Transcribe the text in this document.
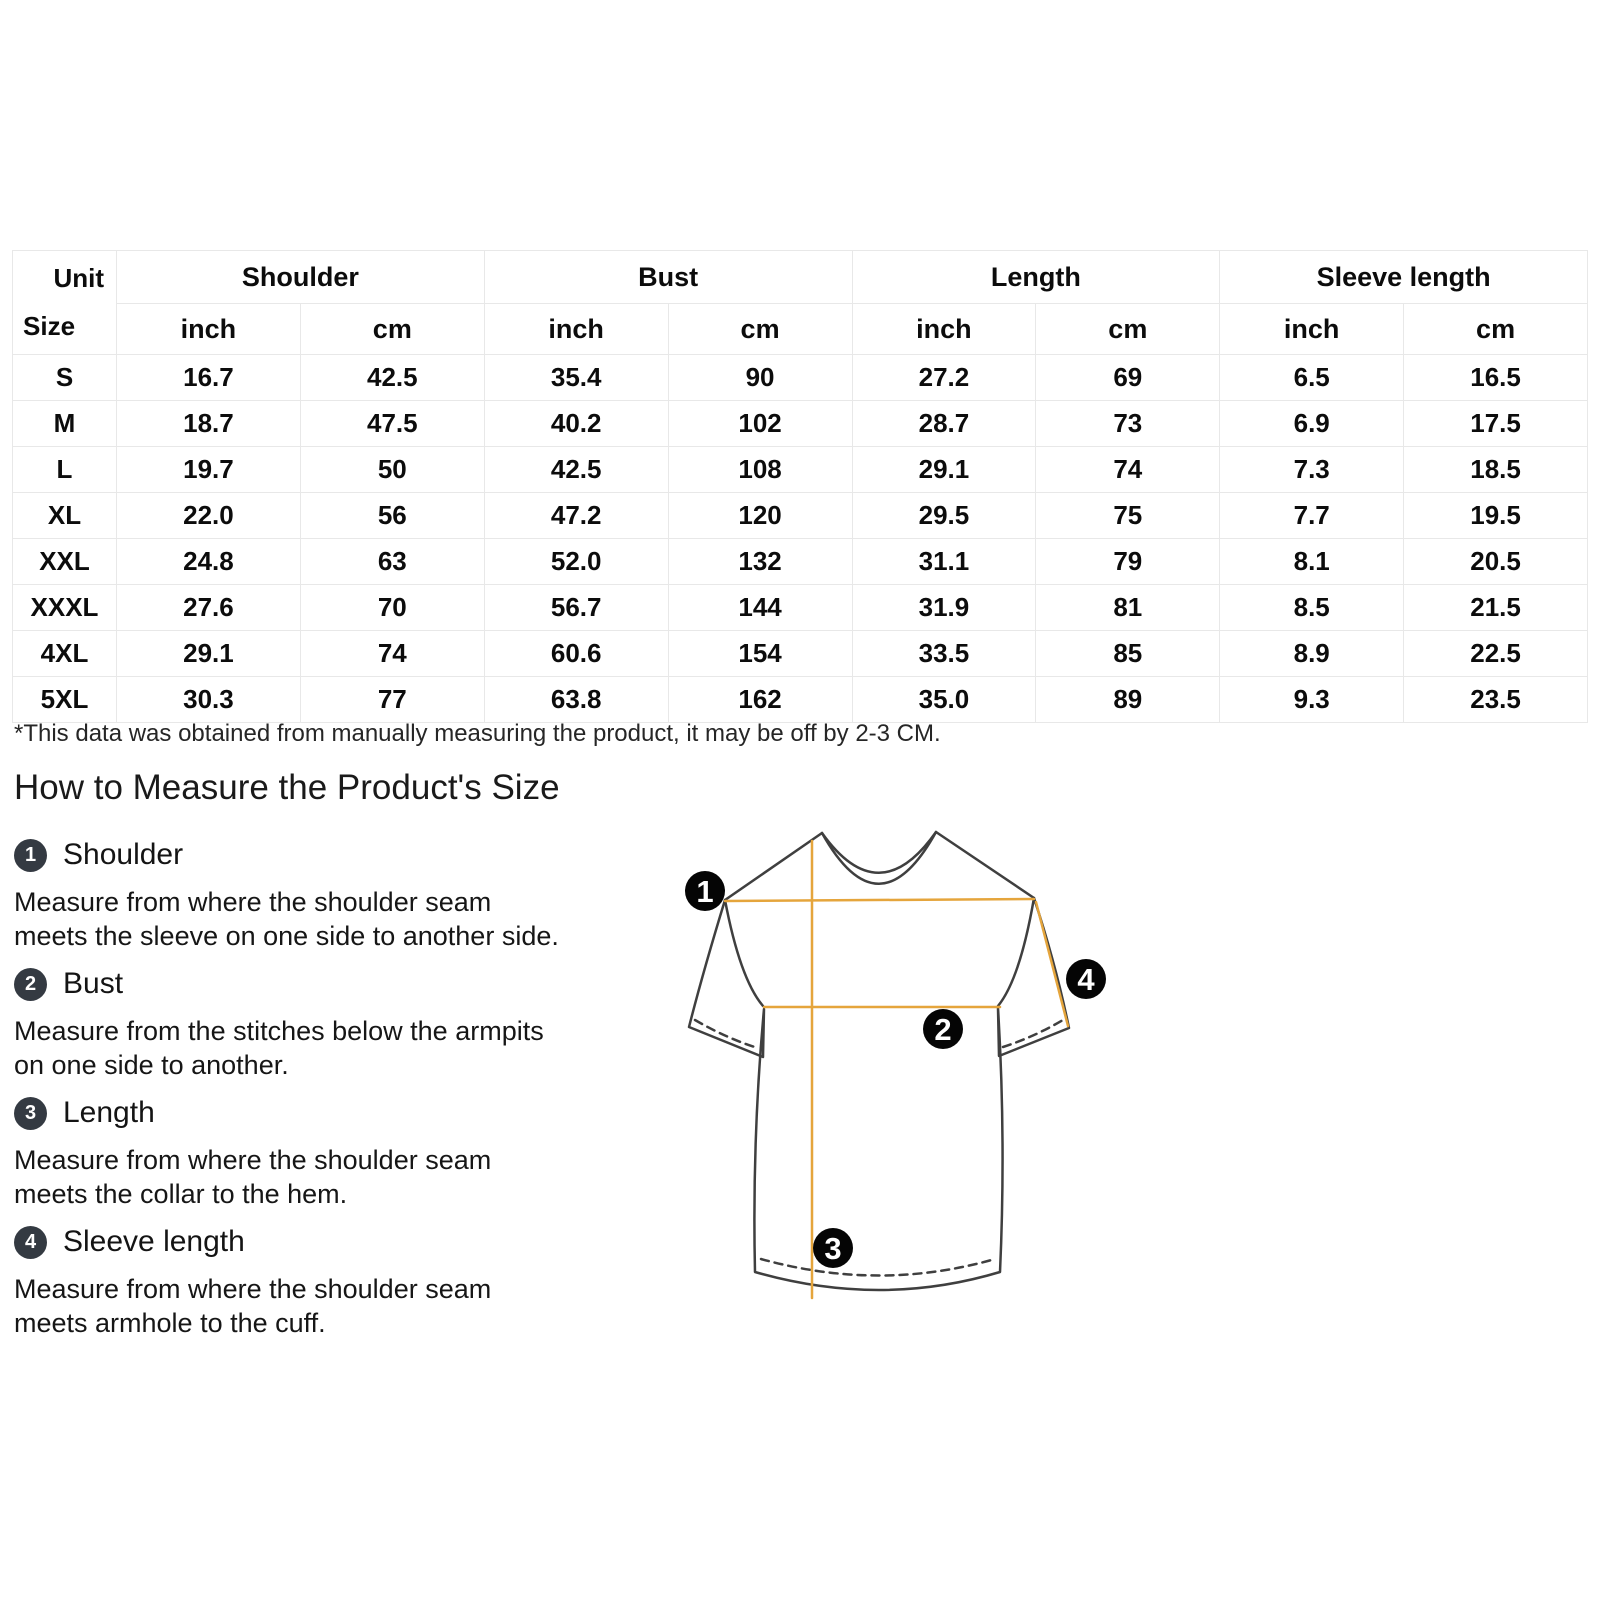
Unit
Size	Shoulder		Bust		Length		Sleeve length	
	inch	cm	inch	cm	inch	cm	inch	cm
S	16.7	42.5	35.4	90	27.2	69	6.5	16.5
M	18.7	47.5	40.2	102	28.7	73	6.9	17.5
L	19.7	50	42.5	108	29.1	74	7.3	18.5
XL	22.0	56	47.2	120	29.5	75	7.7	19.5
XXL	24.8	63	52.0	132	31.1	79	8.1	20.5
XXXL	27.6	70	56.7	144	31.9	81	8.5	21.5
4XL	29.1	74	60.6	154	33.5	85	8.9	22.5
5XL	30.3	77	63.8	162	35.0	89	9.3	23.5

*This data was obtained from manually measuring the product, it may be off by 2-3 CM.

How to Measure the Product's Size
1 Shoulder

Measure from where the shoulder seam meets the sleeve on one side to another side.

2 Bust

Measure from the stitches below the armpits on one side to another.

3 Length

Measure from where the shoulder seam meets the collar to the hem.

4 Sleeve length

Measure from where the shoulder seam meets armhole to the cuff.

1
2
3
4
